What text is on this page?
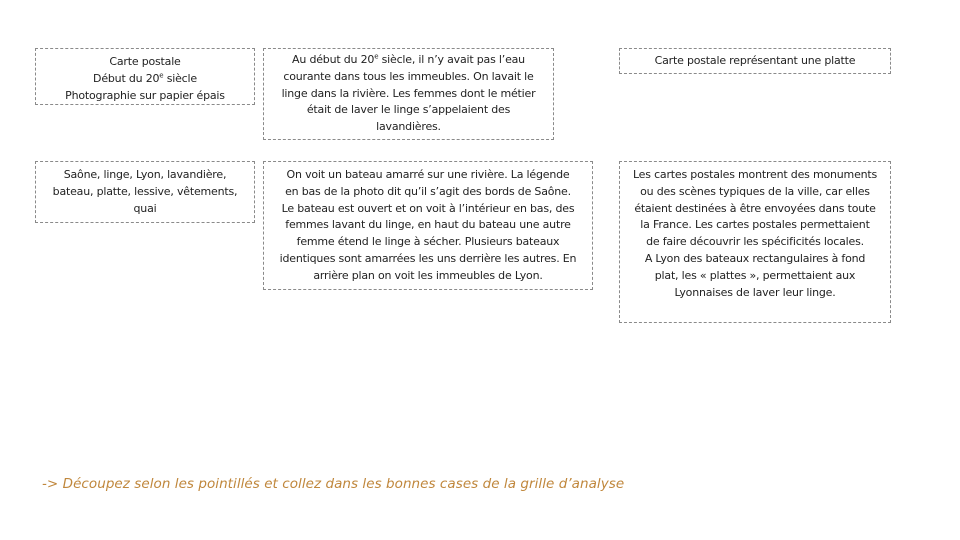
Carte postale
Début du 20e siècle
Photographie sur papier épais
Au début du 20e siècle, il n’y avait pas l’eau
courante dans tous les immeubles. On lavait le
linge dans la rivière. Les femmes dont le métier
était de laver le linge s’appelaient des
lavandières.
Carte postale représentant une platte
Saône, linge, Lyon, lavandière,
bateau, platte, lessive, vêtements,
quai
On voit un bateau amarré sur une rivière. La légende
en bas de la photo dit qu’il s’agit des bords de Saône.
Le bateau est ouvert et on voit à l’intérieur en bas, des
femmes lavant du linge, en haut du bateau une autre
femme étend le linge à sécher. Plusieurs bateaux
identiques sont amarrées les uns derrière les autres. En
arrière plan on voit les immeubles de Lyon.
Les cartes postales montrent des monuments
ou des scènes typiques de la ville, car elles
étaient destinées à être envoyées dans toute
la France. Les cartes postales permettaient
de faire découvrir les spécificités locales.
A Lyon des bateaux rectangulaires à fond
plat, les « plattes », permettaient aux
Lyonnaises de laver leur linge.
-> Découpez selon les pointillés et collez dans les bonnes cases de la grille d’analyse
